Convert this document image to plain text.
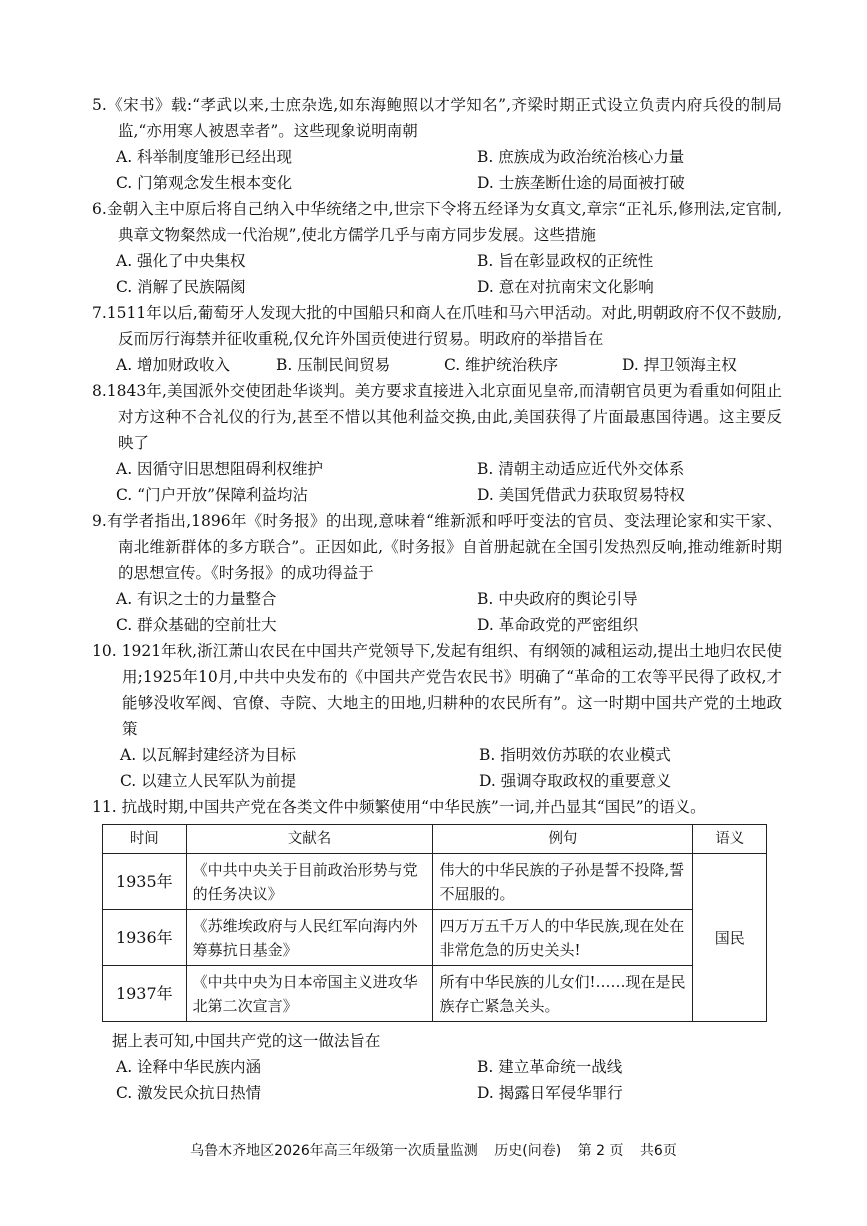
5.《宋书》载:“孝武以来,士庶杂选,如东海鲍照以才学知名”,齐梁时期正式设立负责内府兵役的制局监,“亦用寒人被恩幸者”。这些现象说明南朝
A. 科举制度雏形已经出现	B. 庶族成为政治统治核心力量
C. 门第观念发生根本变化	D. 士族垄断仕途的局面被打破
6.金朝入主中原后将自己纳入中华统绪之中,世宗下令将五经译为女真文,章宗“正礼乐,修刑法,定官制,典章文物粲然成一代治规”,使北方儒学几乎与南方同步发展。这些措施
A. 强化了中央集权	B. 旨在彰显政权的正统性
C. 消解了民族隔阂	D. 意在对抗南宋文化影响
7.1511年以后,葡萄牙人发现大批的中国船只和商人在爪哇和马六甲活动。对此,明朝政府不仅不鼓励,反而厉行海禁并征收重税,仅允许外国贡使进行贸易。明政府的举措旨在
A. 增加财政收入	B. 压制民间贸易	C. 维护统治秩序	D. 捍卫领海主权
8.1843年,美国派外交使团赴华谈判。美方要求直接进入北京面见皇帝,而清朝官员更为看重如何阻止对方这种不合礼仪的行为,甚至不惜以其他利益交换,由此,美国获得了片面最惠国待遇。这主要反映了
A. 因循守旧思想阻碍利权维护	B. 清朝主动适应近代外交体系
C. “门户开放”保障利益均沾	D. 美国凭借武力获取贸易特权
9.有学者指出,1896年《时务报》的出现,意味着“维新派和呼吁变法的官员、变法理论家和实干家、南北维新群体的多方联合”。正因如此,《时务报》自首册起就在全国引发热烈反响,推动维新时期的思想宣传。《时务报》的成功得益于
A. 有识之士的力量整合	B. 中央政府的舆论引导
C. 群众基础的空前壮大	D. 革命政党的严密组织
10. 1921年秋,浙江萧山农民在中国共产党领导下,发起有组织、有纲领的减租运动,提出土地归农民使用;1925年10月,中共中央发布的《中国共产党告农民书》明确了“革命的工农等平民得了政权,才能够没收军阀、官僚、寺院、大地主的田地,归耕种的农民所有”。这一时期中国共产党的土地政策
A. 以瓦解封建经济为目标	B. 指明效仿苏联的农业模式
C. 以建立人民军队为前提	D. 强调夺取政权的重要意义
11. 抗战时期,中国共产党在各类文件中频繁使用“中华民族”一词,并凸显其“国民”的语义。
时间	文献名	例句	语义
1935年	《中共中央关于目前政治形势与党的任务决议》	伟大的中华民族的子孙是誓不投降,誓不屈服的。	国民
1936年	《苏维埃政府与人民红军向海内外筹募抗日基金》	四万万五千万人的中华民族,现在处在非常危急的历史关头!	
1937年	《中共中央为日本帝国主义进攻华北第二次宣言》	所有中华民族的儿女们!……现在是民族存亡紧急关头。	
据上表可知,中国共产党的这一做法旨在
A. 诠释中华民族内涵	B. 建立革命统一战线
C. 激发民众抗日热情	D. 揭露日军侵华罪行
乌鲁木齐地区2026年高三年级第一次质量监测 历史(问卷) 第 2 页 共6页
